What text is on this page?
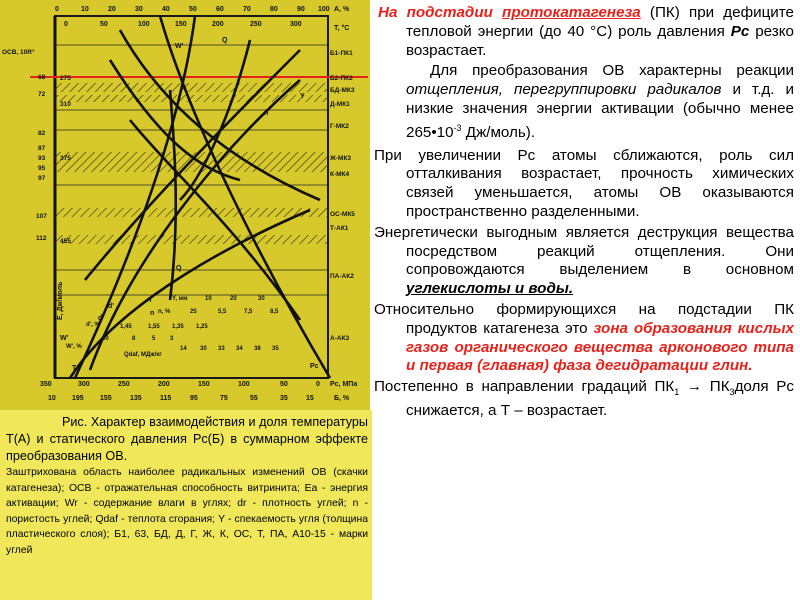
0	10	20	30	40	50	60	70	80	90 100 А, %
0	50	100	150	200	250	300
Т, °С
ОСВ, 10R°
68 275
72
310
82
87
93
95
375
97
107
112 455
Е, Дж/моль
Б1-ПК1
Б2-ПК2
БД-МК3
Д-МК1
Г-МК2
Ж-МК3
К-МК4
ОС-МК5
Т-АК1
ПА-АК2
А-АК3
W'
W'
Y
Y
Q
Q
n
n
d'
d'
Pc
Т
Y, мм	10	20	30
n, %	25	5,5	7,5	8,5
d', %	1,45	1,55 1,35 1,25
Qdaf, МДж/кг
14 30 33 34 38 35
W', %
30	8	5 3
350	300	250	200	150	100	50	0 Рс, МПа
10 195 155	135	115	95	75	55	35	15	Б, %

Рис. Характер взаимодействия и доля температуры Т(А) и статического давления Рс(Б) в суммарном эффекте преобразования ОВ.

Заштрихована область наиболее радикальных изменений ОВ (скачки катагенеза); ОСВ - отражательная способность витринита; Ea - энергия активации; Wr - содержание влаги в углях; dr - плотность углей; n - пористость углей; Qdaf - теплота сгорания; Y - спекаемость угля (толщина пластического слоя); Б1, 63, БД, Д, Г, Ж, К, ОС, Т, ПА, А10-15 - марки углей

На подстадии протокатагенеза (ПК) при дефиците тепловой энергии (до 40 °С) роль давления Рс резко возрастает.

Для преобразования ОВ характерны реакции отщепления, перегруппировки радикалов и т.д. и низкие значения энергии активации (обычно менее $265•10^{-3}$ Дж/моль).

При увеличении Рс атомы сближаются, роль сил отталкивания возрастает, прочность химических связей уменьшается, атомы ОВ оказываются пространственно разделенными.

Энергетически выгодным является деструкция вещества посредством реакций отщепления. Они сопровождаются выделением в основном углекислоты и воды.

Относительно формирующихся на подстадии ПК продуктов катагенеза это зона образования кислых газов органического вещества арконового типа и первая (главная) фаза дегидратации глин.

Постепенно в направлении градаций $ПК_1$ → $ПК_3доля$ Рс снижается, а Т – возрастает.
